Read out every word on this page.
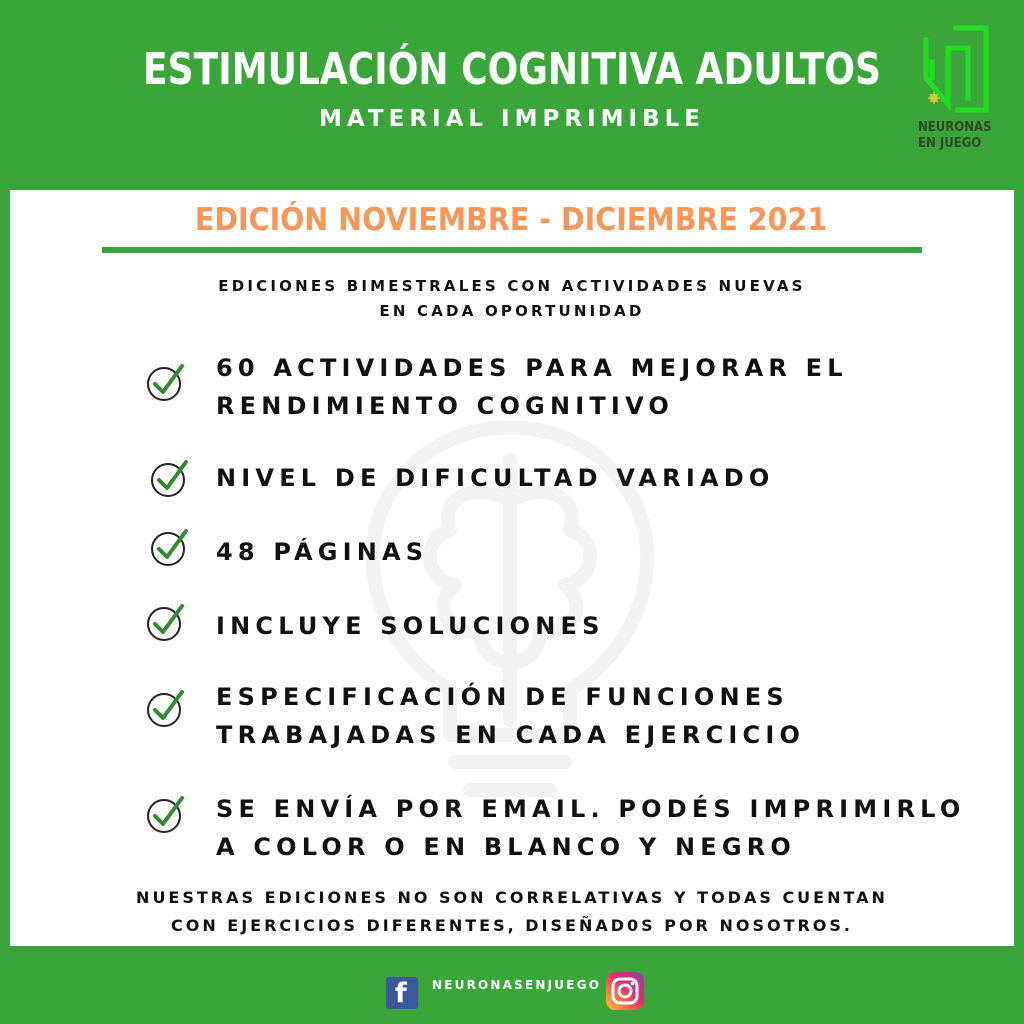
ESTIMULACIÓN COGNITIVA ADULTOS
MATERIAL IMPRIMIBLE	NEURONAS
EN JUEGO
EDICIÓN NOVIEMBRE - DICIEMBRE 2021
EDICIONES BIMESTRALES CON ACTIVIDADES NUEVAS
EN CADA OPORTUNIDAD
60 ACTIVIDADES PARA MEJORAR EL
RENDIMIENTO COGNITIVO
NIVEL DE DIFICULTAD VARIADO
48 PÁGINAS
INCLUYE SOLUCIONES
ESPECIFICACIÓN DE FUNCIONES
TRABAJADAS EN CADA EJERCICIO
SE ENVÍA POR EMAIL. PODÉS IMPRIMIRLO
A COLOR O EN BLANCO Y NEGRO
NUESTRAS EDICIONES NO SON CORRELATIVAS Y TODAS CUENTAN
CON EJERCICIOS DIFERENTES, DISEÑAD0S POR NOSOTROS.
f NEURONASENJUEGO
